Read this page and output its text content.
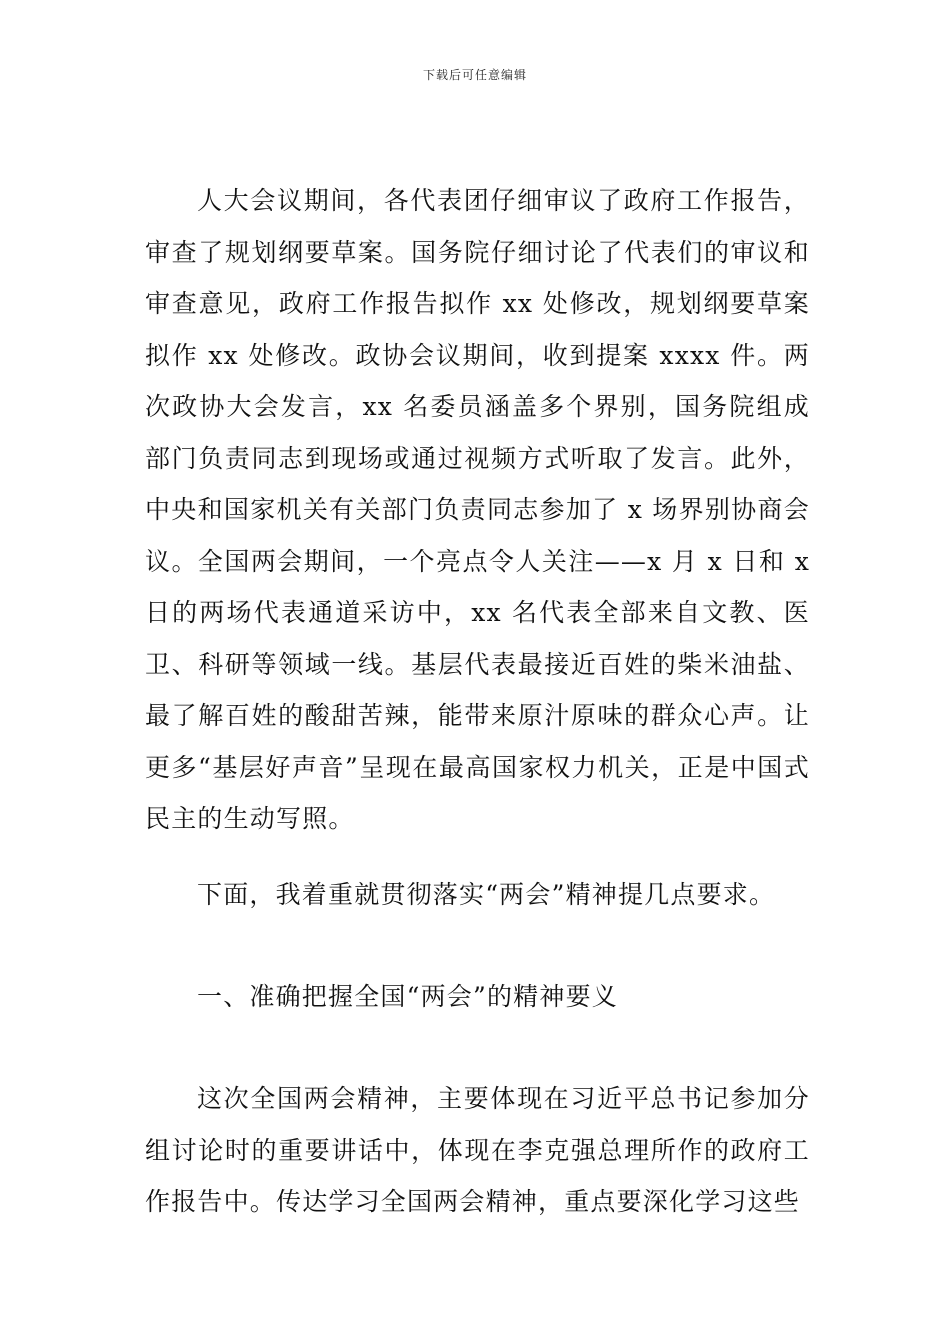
下载后可任意编辑

人大会议期间，各代表团仔细审议了政府工作报告，审查了规划纲要草案。国务院仔细讨论了代表们的审议和审查意见，政府工作报告拟作 xx 处修改，规划纲要草案拟作 xx 处修改。政协会议期间，收到提案 xxxx 件。两次政协大会发言，xx 名委员涵盖多个界别，国务院组成部门负责同志到现场或通过视频方式听取了发言。此外，中央和国家机关有关部门负责同志参加了 x 场界别协商会议。全国两会期间，一个亮点令人关注——x 月 x 日和 x 日的两场代表通道采访中，xx 名代表全部来自文教、医卫、科研等领域一线。基层代表最接近百姓的柴米油盐、最了解百姓的酸甜苦辣，能带来原汁原味的群众心声。让更多“基层好声音”呈现在最高国家权力机关，正是中国式民主的生动写照。

下面，我着重就贯彻落实“两会”精神提几点要求。

一、准确把握全国“两会”的精神要义

这次全国两会精神，主要体现在习近平总书记参加分组讨论时的重要讲话中，体现在李克强总理所作的政府工作报告中。传达学习全国两会精神，重点要深化学习这些
